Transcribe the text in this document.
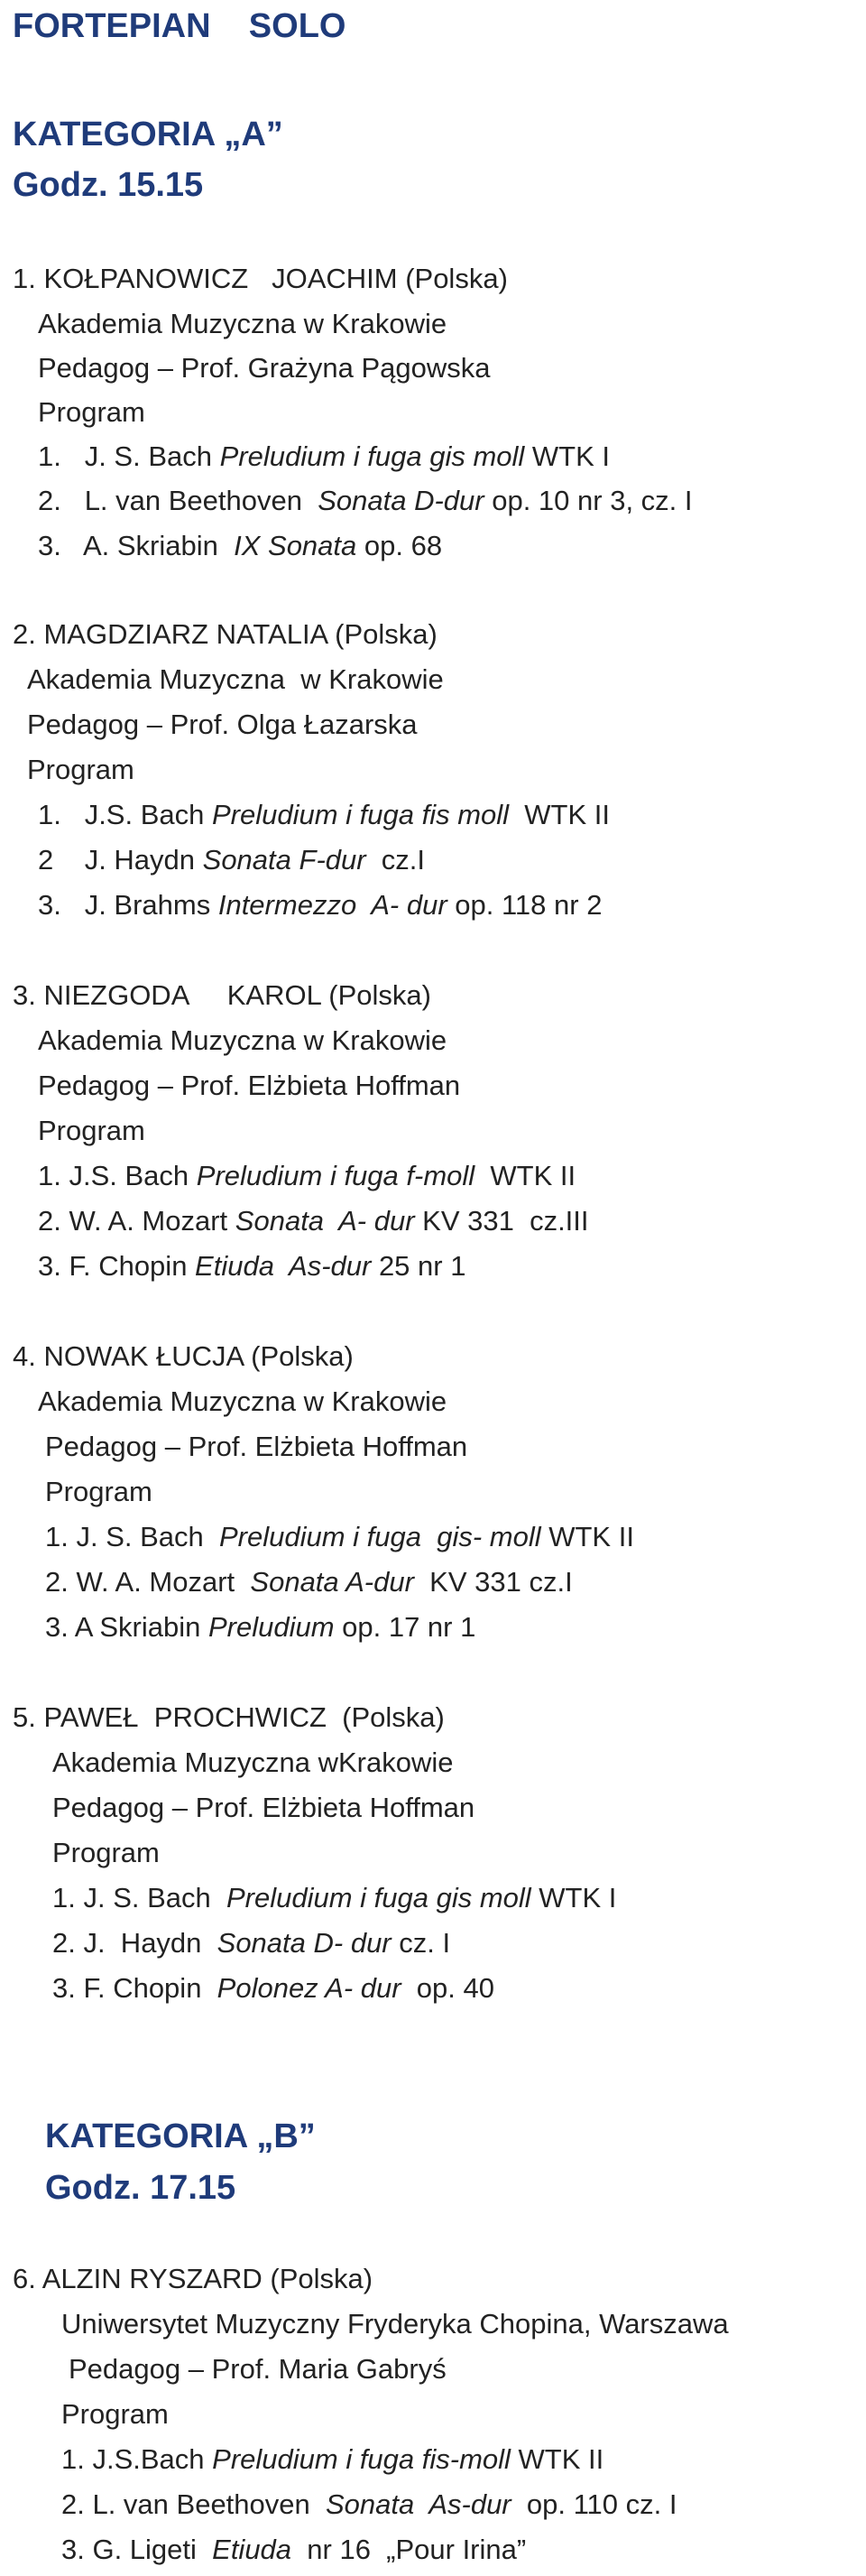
FORTEPIAN    SOLO
KATEGORIA „A”
Godz. 15.15
1. KOŁPANOWICZ   JOACHIM (Polska)
Akademia Muzyczna w Krakowie
Pedagog – Prof. Grażyna Pągowska
Program
1.   J. S. Bach Preludium i fuga gis moll WTK I
2.   L. van Beethoven  Sonata D-dur op. 10 nr 3, cz. I
3.   A. Skriabin  IX Sonata op. 68
2. MAGDZIARZ NATALIA (Polska)
Akademia Muzyczna  w Krakowie
Pedagog – Prof. Olga Łazarska
Program
1.   J.S. Bach Preludium i fuga fis moll  WTK II
2    J. Haydn Sonata F-dur  cz.I
3.   J. Brahms Intermezzo  A- dur op. 118 nr 2
3. NIEZGODA     KAROL (Polska)
Akademia Muzyczna w Krakowie
Pedagog – Prof. Elżbieta Hoffman
Program
1. J.S. Bach Preludium i fuga f-moll  WTK II
2. W. A. Mozart Sonata  A- dur KV 331  cz.III
3. F. Chopin Etiuda  As-dur 25 nr 1
4. NOWAK ŁUCJA (Polska)
Akademia Muzyczna w Krakowie
Pedagog – Prof. Elżbieta Hoffman
Program
1. J. S. Bach  Preludium i fuga  gis- moll WTK II
2. W. A. Mozart  Sonata A-dur  KV 331 cz.I
3. A Skriabin Preludium op. 17 nr 1
5. PAWEŁ  PROCHWICZ  (Polska)
Akademia Muzyczna wKrakowie
Pedagog – Prof. Elżbieta Hoffman
Program
1. J. S. Bach  Preludium i fuga gis moll WTK I
2. J.  Haydn  Sonata D- dur cz. I
3. F. Chopin  Polonez A- dur  op. 40
KATEGORIA „B”
Godz. 17.15
6. ALZIN RYSZARD (Polska)
Uniwersytet Muzyczny Fryderyka Chopina, Warszawa
Pedagog – Prof. Maria Gabryś
Program
1. J.S.Bach Preludium i fuga fis-moll WTK II
2. L. van Beethoven  Sonata  As-dur  op. 110 cz. I
3. G. Ligeti  Etiuda  nr 16  „Pour Irina”
